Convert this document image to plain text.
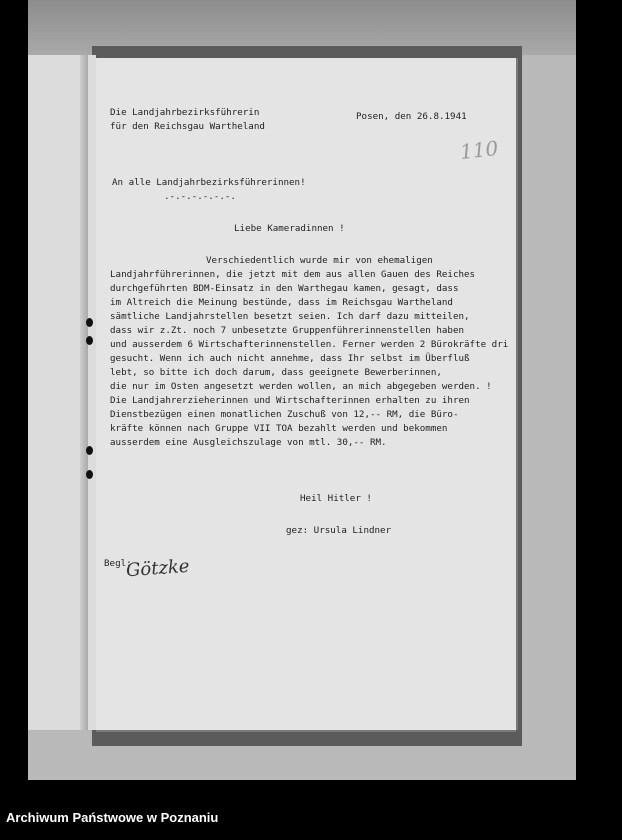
Die Landjahrbezirksführerin
für den Reichsgau Wartheland
Posen, den 26.8.1941
An alle Landjahrbezirksführerinnen!
.-.-.-.-.-.-.
Liebe Kameradinnen !
Verschiedentlich wurde mir von ehemaligen
Landjahrführerinnen, die jetzt mit dem aus allen Gauen des Reiches
durchgeführten BDM-Einsatz in den Warthegau kamen, gesagt, dass
im Altreich die Meinung bestünde, dass im Reichsgau Wartheland
sämtliche Landjahrstellen besetzt seien. Ich darf dazu mitteilen,
dass wir z.Zt. noch 7 unbesetzte Gruppenführerinnenstellen haben
und ausserdem 6 Wirtschafterinnenstellen. Ferner werden 2 Bürokräfte dri
gesucht. Wenn ich auch nicht annehme, dass Ihr selbst im Überfluß
lebt, so bitte ich doch darum, dass geeignete Bewerberinnen,
die nur im Osten angesetzt werden wollen, an mich abgegeben werden. !
Die Landjahrerzieherinnen und Wirtschafterinnen erhalten zu ihren
Dienstbezügen einen monatlichen Zuschuß von 12,-- RM, die Büro-
kräfte können nach Gruppe VII TOA bezahlt werden und bekommen
ausserdem eine Ausgleichszulage von mtl. 30,-- RM.
Heil Hitler !
gez: Ursula Lindner
110
Begl:
Götzke
Archiwum Państwowe w Poznaniu
